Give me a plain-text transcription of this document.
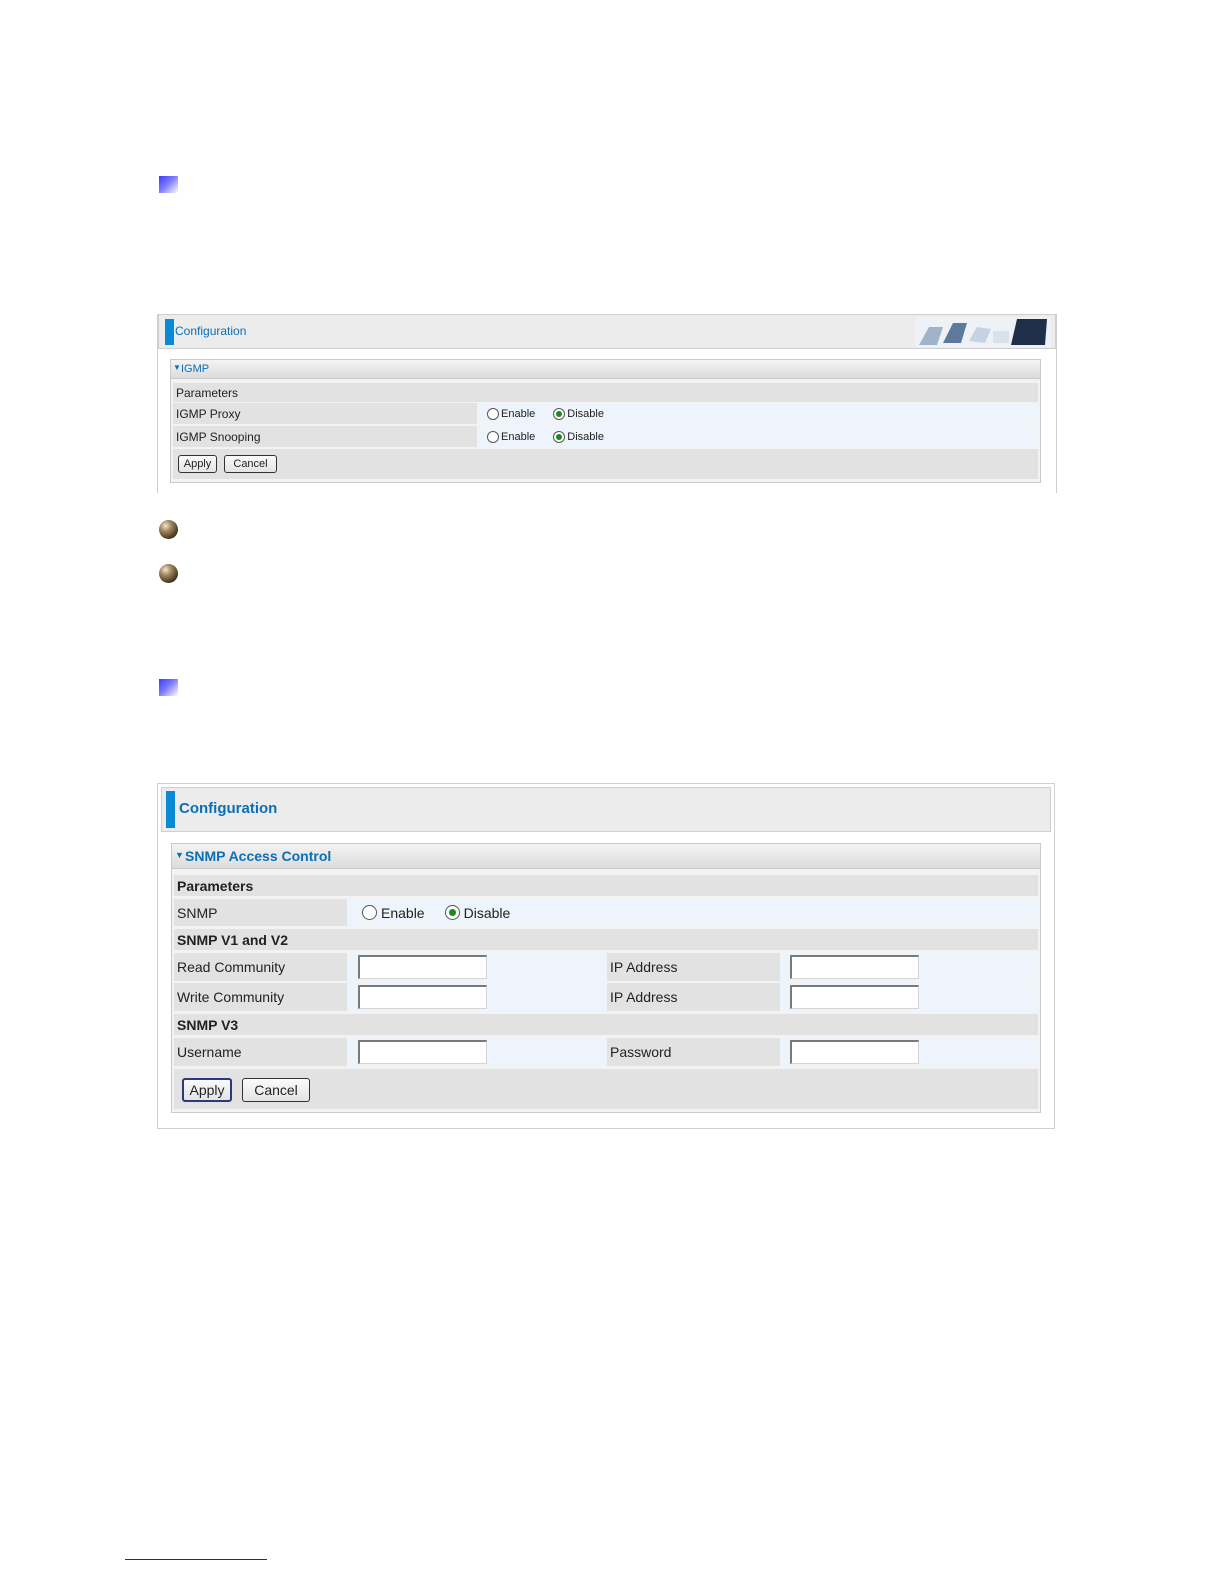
Configuration
▼ IGMP
Parameters
IGMP Proxy	Enable	Disable
IGMP Snooping	Enable	Disable
Apply	Cancel
Configuration
▼ SNMP Access Control
Parameters
SNMP	Enable	Disable
SNMP V1 and V2
Read Community	IP Address
Write Community	IP Address
SNMP V3
Username	Password
Apply	Cancel
